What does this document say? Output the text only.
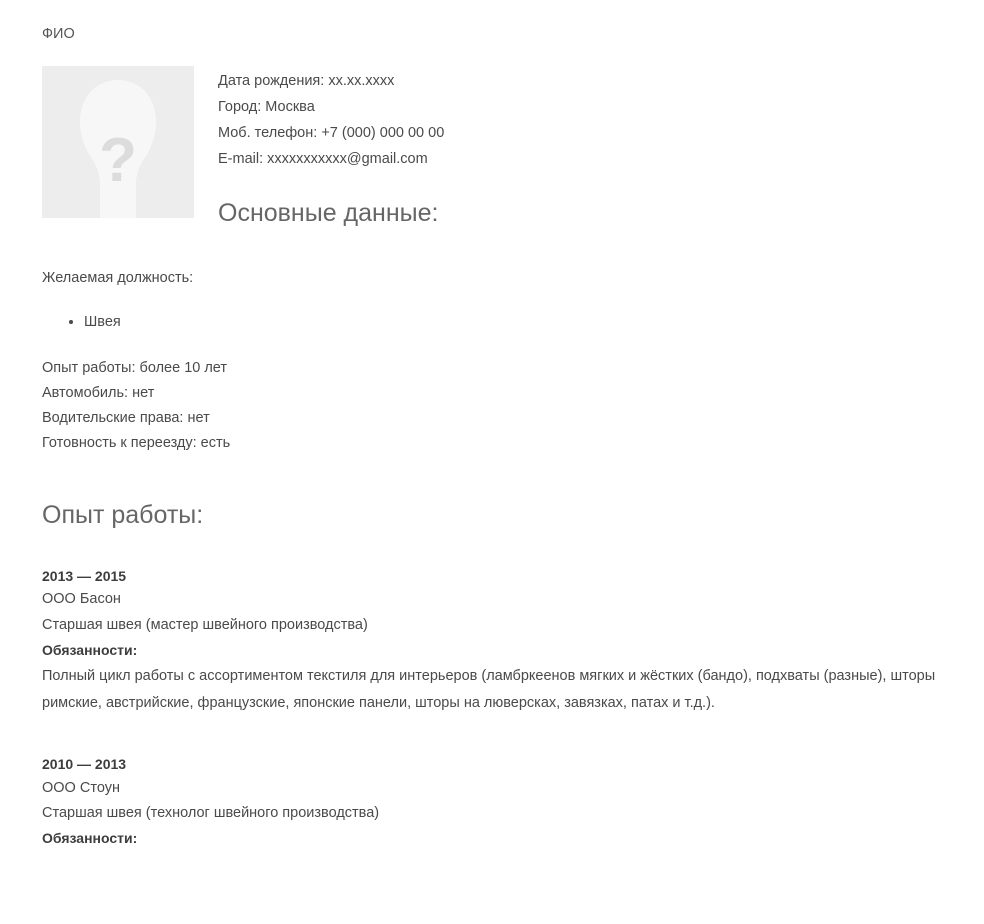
ФИО
?
Дата рождения: хх.хх.хххх
Город: Москва
Моб. телефон: +7 (000) 000 00 00
E-mail: xxxxxxxxxxx@gmail.com
Основные данные:
Желаемая должность:
• Швея
Опыт работы: более 10 лет
Автомобиль: нет
Водительские права: нет
Готовность к переезду: есть
Опыт работы:
2013 — 2015
ООО Басон
Старшая швея (мастер швейного производства)
Обязанности:
Полный цикл работы с ассортиментом текстиля для интерьеров (ламбркеенов мягких и жёстких (бандо), подхваты (разные), шторы римские, австрийские, французские, японские панели, шторы на люверсках, завязках, патах и т.д.).
2010 — 2013
ООО Стоун
Старшая швея (технолог швейного производства)
Обязанности:
